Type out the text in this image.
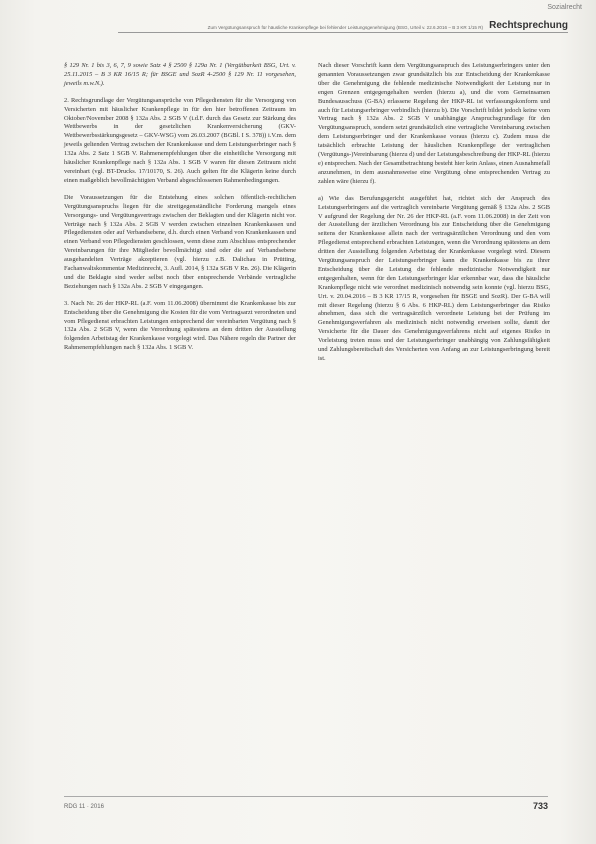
Sozialrecht
Zum Vergütungsanspruch für häusliche Krankenpflege bei fehlender Leistungsgenehmigung (BSG, Urteil v. 22.6.2016 – B 3 KR 1/15 R) Rechtsprechung

§ 129 Nr. 1 bis 3, 6, 7, 9 sowie Satz 4 § 2500 § 129a Nr. 1 (Vergütbarkeit BSG, Urt. v. 25.11.2015 – B 3 KR 16/15 R; für BSGE und SozR 4-2500 § 129 Nr. 11 vorgesehen, jeweils m.w.N.).

2. Rechtsgrundlage der Vergütungsansprüche von Pflegediensten für die Versorgung von Versicherten mit häuslicher Krankenpflege in für den hier betroffenen Zeitraum im Oktober/November 2008 § 132a Abs. 2 SGB V (i.d.F. durch das Gesetz zur Stärkung des Wettbewerbs in der gesetzlichen Krankenversicherung (GKV-Wettbewerbsstärkungsgesetz – GKV-WSG) vom 26.03.2007 (BGBl. I S. 378)) i.V.m. dem jeweils geltenden Vertrag zwischen der Krankenkasse und dem Leistungserbringer nach § 132a Abs. 2 Satz 1 SGB V. Rahmenempfehlungen über die einheitliche Versorgung mit häuslicher Krankenpflege nach § 132a Abs. 1 SGB V waren für diesen Zeitraum nicht vereinbart (vgl. BT-Drucks. 17/10170, S. 26). Auch gelten für die Klägerin keine durch einen maßgeblich bevollmächtigten Verband abgeschlossenen Rahmenbedingungen.

Die Voraussetzungen für die Entstehung eines solchen öffentlich-rechtlichen Vergütungsanspruchs liegen für die streitgegenständliche Forderung mangels eines Versorgungs- und Vergütungsvertrags zwischen der Beklagten und der Klägerin nicht vor. Verträge nach § 132a Abs. 2 SGB V werden zwischen einzelnen Krankenkassen und Pflegediensten oder auf Verbandsebene, d.h. durch einen Verband von Krankenkassen und einen Verband von Pflegediensten geschlossen, wenn diese zum Abschluss entsprechender Vereinbarungen für ihre Mitglieder bevollmächtigt sind oder die auf Verbandsebene ausgehandelten Verträge akzeptieren (vgl. hierzu z.B. Dalichau in Prütting, Fachanwaltskommentar Medizinrecht, 3. Aufl. 2014, § 132a SGB V Rn. 26). Die Klägerin und die Beklagte sind weder selbst noch über entsprechende Verbände vertragliche Beziehungen nach § 132a Abs. 2 SGB V eingegangen.

3. Nach Nr. 26 der HKP-RL (a.F. vom 11.06.2008) übernimmt die Krankenkasse bis zur Entscheidung über die Genehmigung die Kosten für die vom Vertragsarzt verordneten und vom Pflegedienst erbrachten Leistungen entsprechend der vereinbarten Vergütung nach § 132a Abs. 2 SGB V, wenn die Verordnung spätestens an dem dritten der Ausstellung folgenden Arbeitstag der Krankenkasse vorgelegt wird. Das Nähere regeln die Partner der Rahmenempfehlungen nach § 132a Abs. 1 SGB V.

Nach dieser Vorschrift kann dem Vergütungsanspruch des Leistungserbringers unter den genannten Voraussetzungen zwar grundsätzlich bis zur Entscheidung der Krankenkasse über die Genehmigung die fehlende medizinische Notwendigkeit der Leistung nur in engen Grenzen entgegengehalten werden (hierzu a), und die vom Gemeinsamen Bundesausschuss (G-BA) erlassene Regelung der HKP-RL ist verfassungskonform und auch für Leistungserbringer verbindlich (hierzu b). Die Vorschrift bildet jedoch keine vom Vertrag nach § 132a Abs. 2 SGB V unabhängige Anspruchsgrundlage für den Vergütungsanspruch, sondern setzt grundsätzlich eine vertragliche Vereinbarung zwischen dem Leistungserbringer und der Krankenkasse voraus (hierzu c). Zudem muss die tatsächlich erbrachte Leistung der häuslichen Krankenpflege der vertraglichen (Vergütungs-)Vereinbarung (hierzu d) und der Leistungsbeschreibung der HKP-RL (hierzu e) entsprechen. Nach der Gesamtbetrachtung besteht hier kein Anlass, einen Ausnahmefall anzunehmen, in dem ausnahmsweise eine Vergütung ohne entsprechenden Vertrag zu zahlen wäre (hierzu f).

a) Wie das Berufungsgericht ausgeführt hat, richtet sich der Anspruch des Leistungserbringers auf die vertraglich vereinbarte Vergütung gemäß § 132a Abs. 2 SGB V aufgrund der Regelung der Nr. 26 der HKP-RL (a.F. vom 11.06.2008) in der Zeit von der Ausstellung der ärztlichen Verordnung bis zur Entscheidung über die Genehmigung seitens der Krankenkasse allein nach der vertragsärztlichen Verordnung und den vom Pflegedienst entsprechend erbrachten Leistungen, wenn die Verordnung spätestens an dem dritten der Ausstellung folgenden Arbeitstag der Krankenkasse vorgelegt wird. Diesem Vergütungsanspruch der Leistungserbringer kann die Krankenkasse bis zu ihrer Entscheidung über die Leistung die fehlende medizinische Notwendigkeit nur entgegenhalten, wenn für den Leistungserbringer klar erkennbar war, dass die häusliche Krankenpflege nicht wie verordnet medizinisch notwendig sein konnte (vgl. hierzu BSG, Urt. v. 20.04.2016 – B 3 KR 17/15 R, vorgesehen für BSGE und SozR). Der G-BA will mit dieser Regelung (hierzu § 6 Abs. 6 HKP-RL) dem Leistungserbringer das Risiko abnehmen, dass sich die vertragsärztlich verordnete Leistung bei der Prüfung im Genehmigungsverfahren als medizinisch nicht notwendig erweisen sollte, damit der Versicherte für die Dauer des Genehmigungsverfahrens nicht auf eigenes Risiko in Vorleistung treten muss und der Leistungserbringer unabhängig von Zahlungsfähigkeit und Zahlungsbereitschaft des Versicherten von Anfang an zur Leistungserbringung bereit ist.

RDG 11 · 2016	733
